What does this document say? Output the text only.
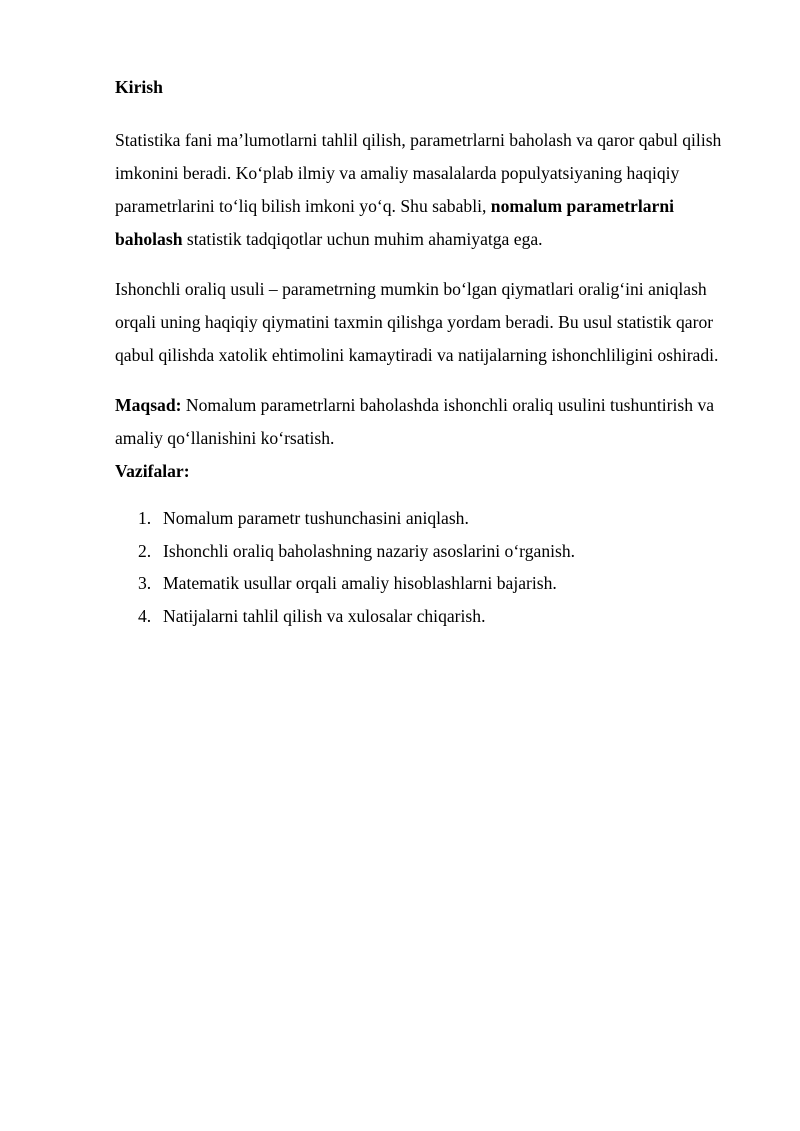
Kirish

Statistika fani ma’lumotlarni tahlil qilish, parametrlarni baholash va qaror qabul qilish imkonini beradi. Ko‘plab ilmiy va amaliy masalalarda populyatsiyaning haqiqiy parametrlarini to‘liq bilish imkoni yo‘q. Shu sababli, nomalum parametrlarni baholash statistik tadqiqotlar uchun muhim ahamiyatga ega.

Ishonchli oraliq usuli – parametrning mumkin bo‘lgan qiymatlari oralig‘ini aniqlash orqali uning haqiqiy qiymatini taxmin qilishga yordam beradi. Bu usul statistik qaror qabul qilishda xatolik ehtimolini kamaytiradi va natijalarning ishonchliligini oshiradi.

Maqsad: Nomalum parametrlarni baholashda ishonchli oraliq usulini tushuntirish va amaliy qo‘llanishini ko‘rsatish.

Vazifalar:
1. Nomalum parametr tushunchasini aniqlash.
2. Ishonchli oraliq baholashning nazariy asoslarini o‘rganish.
3. Matematik usullar orqali amaliy hisoblashlarni bajarish.
4. Natijalarni tahlil qilish va xulosalar chiqarish.
